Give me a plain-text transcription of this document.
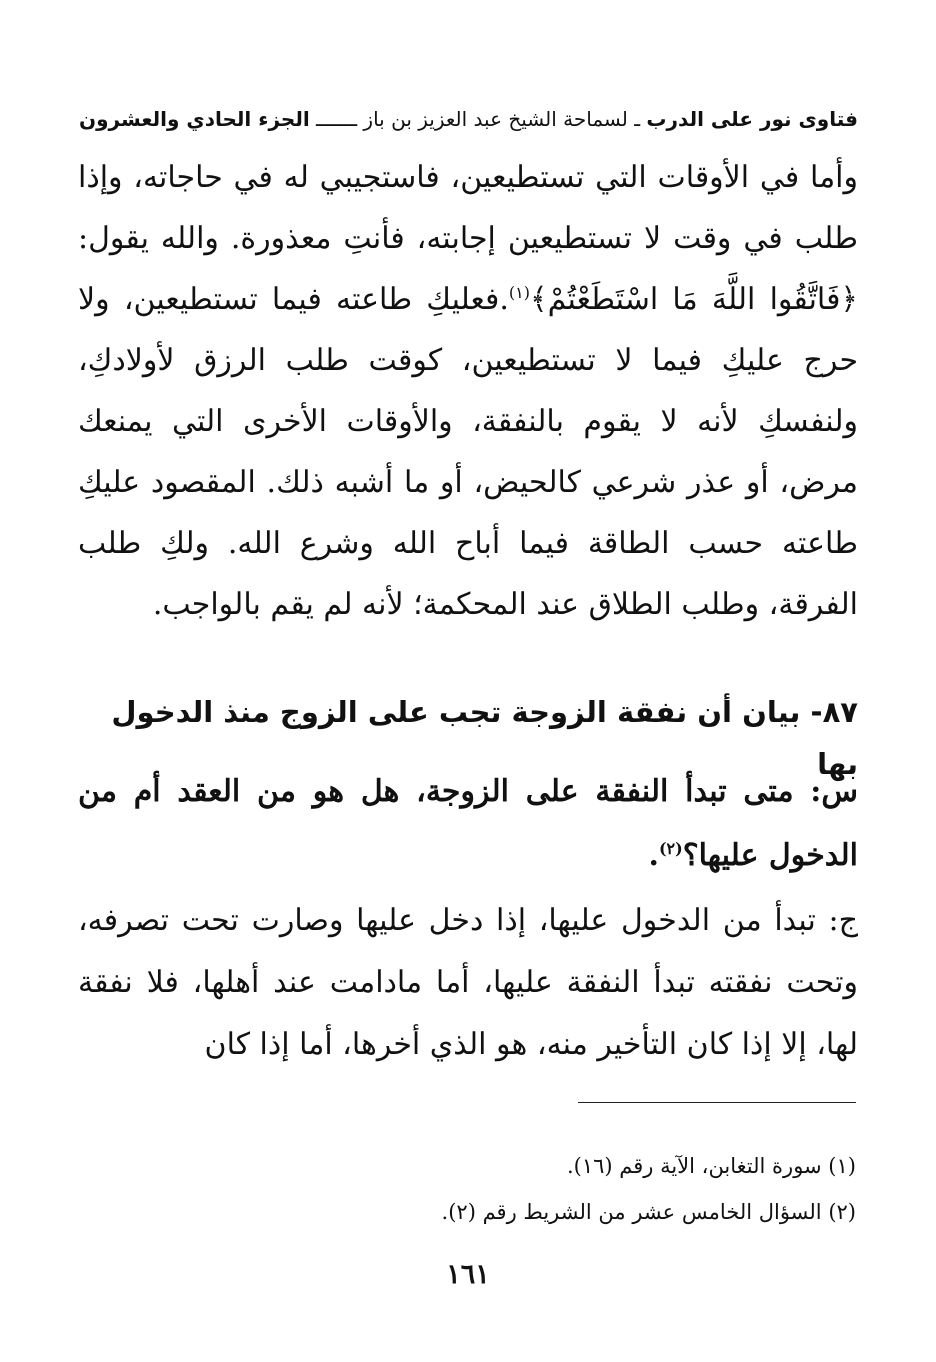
فتاوى نور على الدرب ـ لسماحة الشيخ عبد العزيز بن باز ـــــــ الجزء الحادي والعشرون

وأما في الأوقات التي تستطيعين، فاستجيبي له في حاجاته، وإذا طلب في وقت لا تستطيعين إجابته، فأنتِ معذورة. والله يقول: ﴿فَاتَّقُوا اللَّهَ مَا اسْتَطَعْتُمْ﴾$^{(١)}$.فعليكِ طاعته فيما تستطيعين، ولا حرج عليكِ فيما لا تستطيعين، كوقت طلب الرزق لأولادكِ، ولنفسكِ لأنه لا يقوم بالنفقة، والأوقات الأخرى التي يمنعك مرض، أو عذر شرعي كالحيض، أو ما أشبه ذلك. المقصود عليكِ طاعته حسب الطاقة فيما أباح الله وشرع الله. ولكِ طلب الفرقة، وطلب الطلاق عند المحكمة؛ لأنه لم يقم بالواجب.

٨٧- بيان أن نفقة الزوجة تجب على الزوج منذ الدخول بها

س: متى تبدأ النفقة على الزوجة، هل هو من العقد أم من الدخول عليها؟$^{(٢)}$.

ج: تبدأ من الدخول عليها، إذا دخل عليها وصارت تحت تصرفه، وتحت نفقته تبدأ النفقة عليها، أما مادامت عند أهلها، فلا نفقة لها، إلا إذا كان التأخير منه، هو الذي أخرها، أما إذا كان

(١) سورة التغابن، الآية رقم (١٦).
(٢) السؤال الخامس عشر من الشريط رقم (٢).
١٦١
